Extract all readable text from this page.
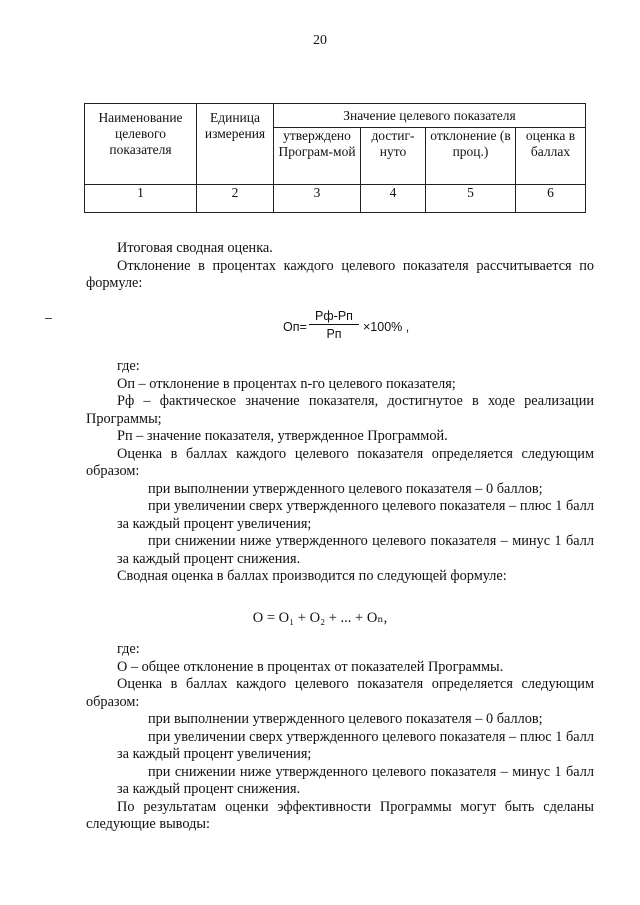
20
Наименование целевого показателя	Единица измерения	Значение целевого показателя			
		утверждено Програм-мой	достиг-нуто	отклонение (в проц.)	оценка в баллах
1	2	3	4	5	6
Итоговая сводная оценка.
Отклонение в процентах каждого целевого показателя рассчитывается по формуле:
Оп=
Рф-Рп
Рп	×100% ,
где:
Оп – отклонение в процентах n-го целевого показателя;
Рф – фактическое значение показателя, достигнутое в ходе реализации Программы;
Рп – значение показателя, утвержденное Программой.
Оценка в баллах каждого целевого показателя определяется следующим образом:
при выполнении утвержденного целевого показателя – 0 баллов;
при увеличении сверх утвержденного целевого показателя – плюс 1 балл за каждый процент увеличения;
при снижении ниже утвержденного целевого показателя – минус 1 балл за каждый процент снижения.
Сводная оценка в баллах производится по следующей формуле:
О = О₁ + О₂ + ... + Оₙ,
где:
О – общее отклонение в процентах от показателей Программы.
Оценка в баллах каждого целевого показателя определяется следующим образом:
при выполнении утвержденного целевого показателя – 0 баллов;
при увеличении сверх утвержденного целевого показателя – плюс 1 балл за каждый процент увеличения;
при снижении ниже утвержденного целевого показателя – минус 1 балл за каждый процент снижения.
По результатам оценки эффективности Программы могут быть сделаны следующие выводы:
